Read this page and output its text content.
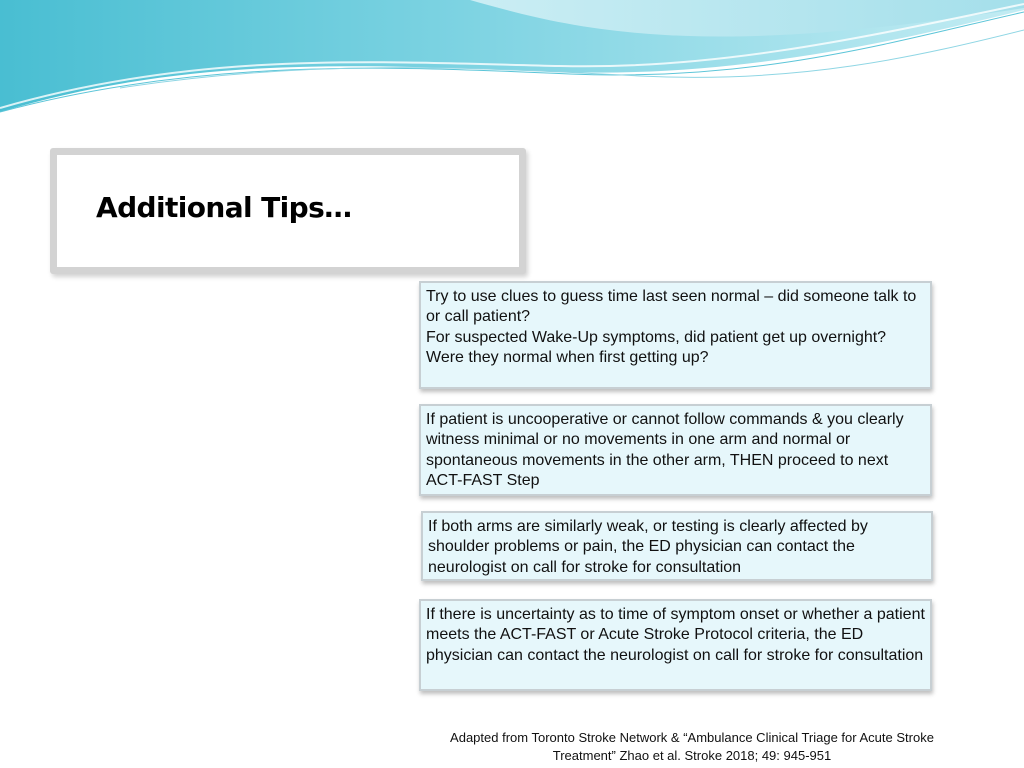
Additional Tips…

Try to use clues to guess time last seen normal – did someone talk to or call patient?

For suspected Wake-Up symptoms, did patient get up overnight? Were they normal when first getting up?

If patient is uncooperative or cannot follow commands & you clearly witness minimal or no movements in one arm and normal or spontaneous movements in the other arm, THEN proceed to next ACT-FAST Step

If both arms are similarly weak, or testing is clearly affected by shoulder problems or pain, the ED physician can contact the neurologist on call for stroke for consultation

If there is uncertainty as to time of symptom onset or whether a patient meets the ACT-FAST or Acute Stroke Protocol criteria, the ED physician can contact the neurologist on call for stroke for consultation

Adapted from Toronto Stroke Network & “Ambulance Clinical Triage for Acute Stroke Treatment” Zhao et al. Stroke 2018; 49: 945-951
